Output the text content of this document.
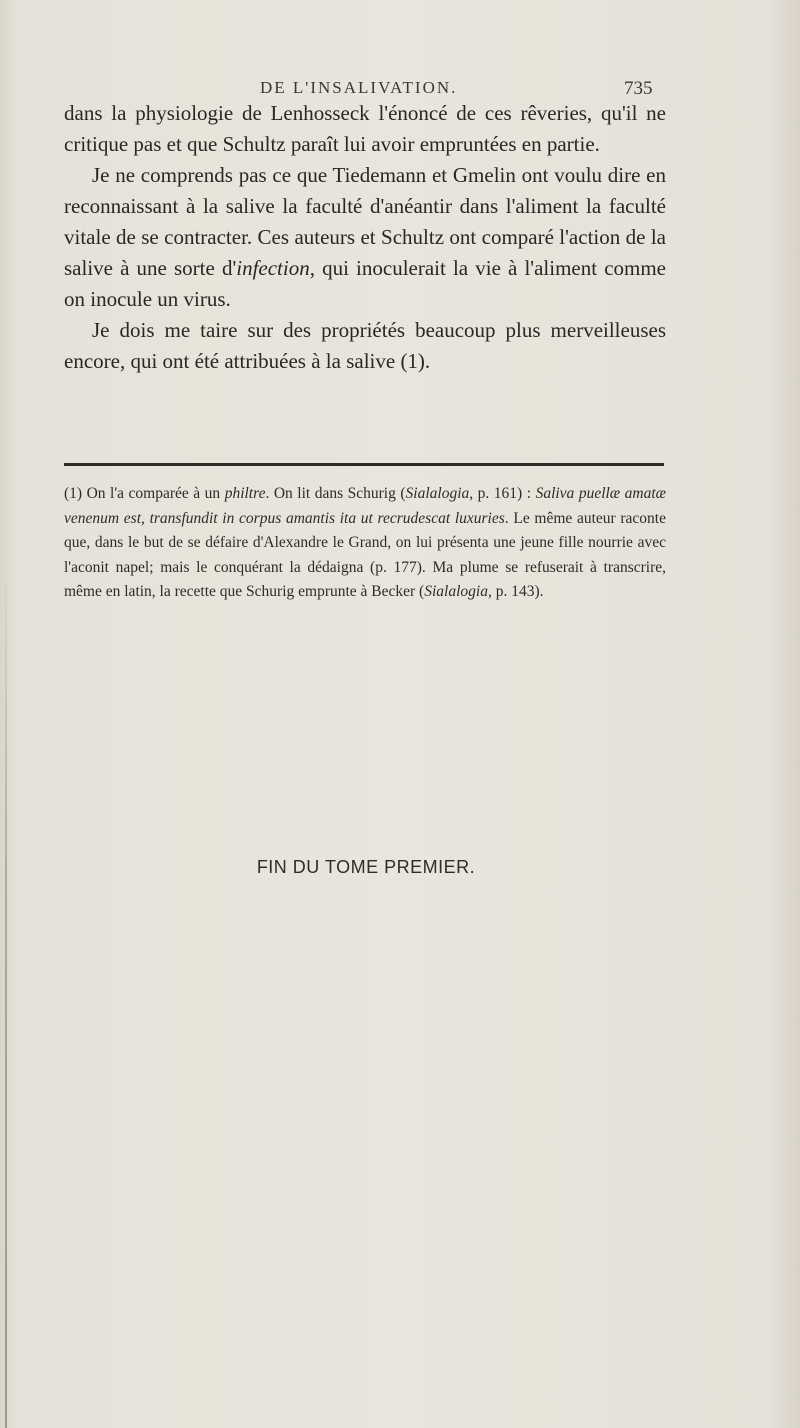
DE L'INSALIVATION.	735

dans la physiologie de Lenhosseck l'énoncé de ces rêveries, qu'il ne critique pas et que Schultz paraît lui avoir empruntées en partie.

Je ne comprends pas ce que Tiedemann et Gmelin ont voulu dire en reconnaissant à la salive la faculté d'anéantir dans l'aliment la faculté vitale de se contracter. Ces auteurs et Schultz ont comparé l'action de la salive à une sorte d'infection, qui inoculerait la vie à l'aliment comme on inocule un virus.

Je dois me taire sur des propriétés beaucoup plus merveilleuses encore, qui ont été attribuées à la salive (1).

(1) On l'a comparée à un philtre. On lit dans Schurig (Sialalogia, p. 161) : Saliva puellæ amatæ venenum est, transfundit in corpus amantis ita ut recrudescat luxuries. Le même auteur raconte que, dans le but de se défaire d'Alexandre le Grand, on lui présenta une jeune fille nourrie avec l'aconit napel; mais le conquérant la dédaigna (p. 177). Ma plume se refuserait à transcrire, même en latin, la recette que Schurig emprunte à Becker (Sialalogia, p. 143).
FIN DU TOME PREMIER.
